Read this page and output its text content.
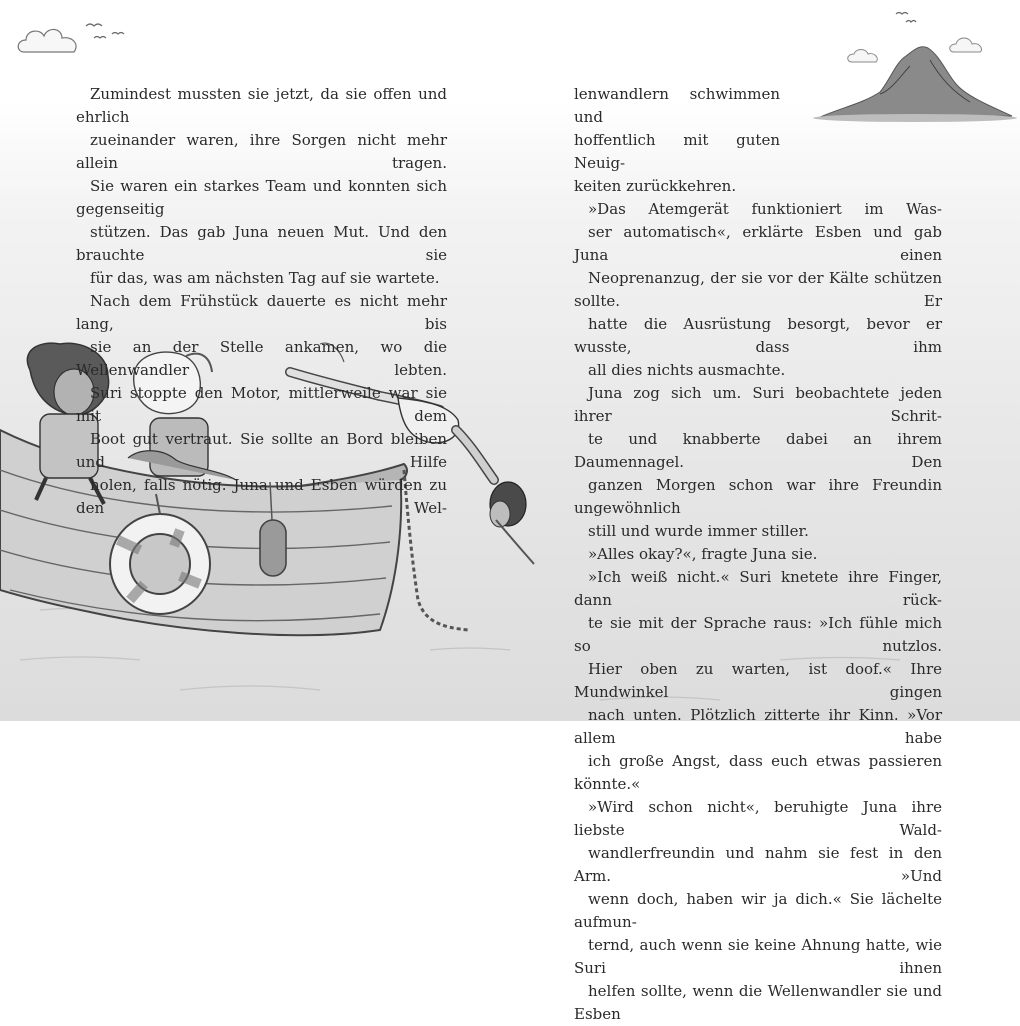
Zumindest mussten sie jetzt, da sie offen und ehrlich
zueinander waren, ihre Sorgen nicht mehr allein tragen.
Sie waren ein starkes Team und konnten sich gegenseitig
stützen. Das gab Juna neuen Mut. Und den brauchte sie
für das, was am nächsten Tag auf sie wartete.

Nach dem Frühstück dauerte es nicht mehr lang, bis
sie an der Stelle ankamen, wo die Wellenwandler lebten.
Suri stoppte den Motor, mittlerweile war sie mit dem
Boot gut vertraut. Sie sollte an Bord bleiben und Hilfe
holen, falls nötig. Juna und Esben würden zu den Wel-

lenwandlern schwimmen und
hoffentlich mit guten Neuig-
keiten zurückkehren.

»Das Atemgerät funktioniert im Was-
ser automatisch«, erklärte Esben und gab Juna einen
Neoprenanzug, der sie vor der Kälte schützen sollte. Er
hatte die Ausrüstung besorgt, bevor er wusste, dass ihm
all dies nichts ausmachte.

Juna zog sich um. Suri beobachtete jeden ihrer Schrit-
te und knabberte dabei an ihrem Daumennagel. Den
ganzen Morgen schon war ihre Freundin ungewöhnlich
still und wurde immer stiller.

»Alles okay?«, fragte Juna sie.

»Ich weiß nicht.« Suri knetete ihre Finger, dann rück-
te sie mit der Sprache raus: »Ich fühle mich so nutzlos.
Hier oben zu warten, ist doof.« Ihre Mundwinkel gingen
nach unten. Plötzlich zitterte ihr Kinn. »Vor allem habe
ich große Angst, dass euch etwas passieren könnte.«

»Wird schon nicht«, beruhigte Juna ihre liebste Wald-
wandlerfreundin und nahm sie fest in den Arm. »Und
wenn doch, haben wir ja dich.« Sie lächelte aufmun-
ternd, auch wenn sie keine Ahnung hatte, wie Suri ihnen
helfen sollte, wenn die Wellenwandler sie und Esben
